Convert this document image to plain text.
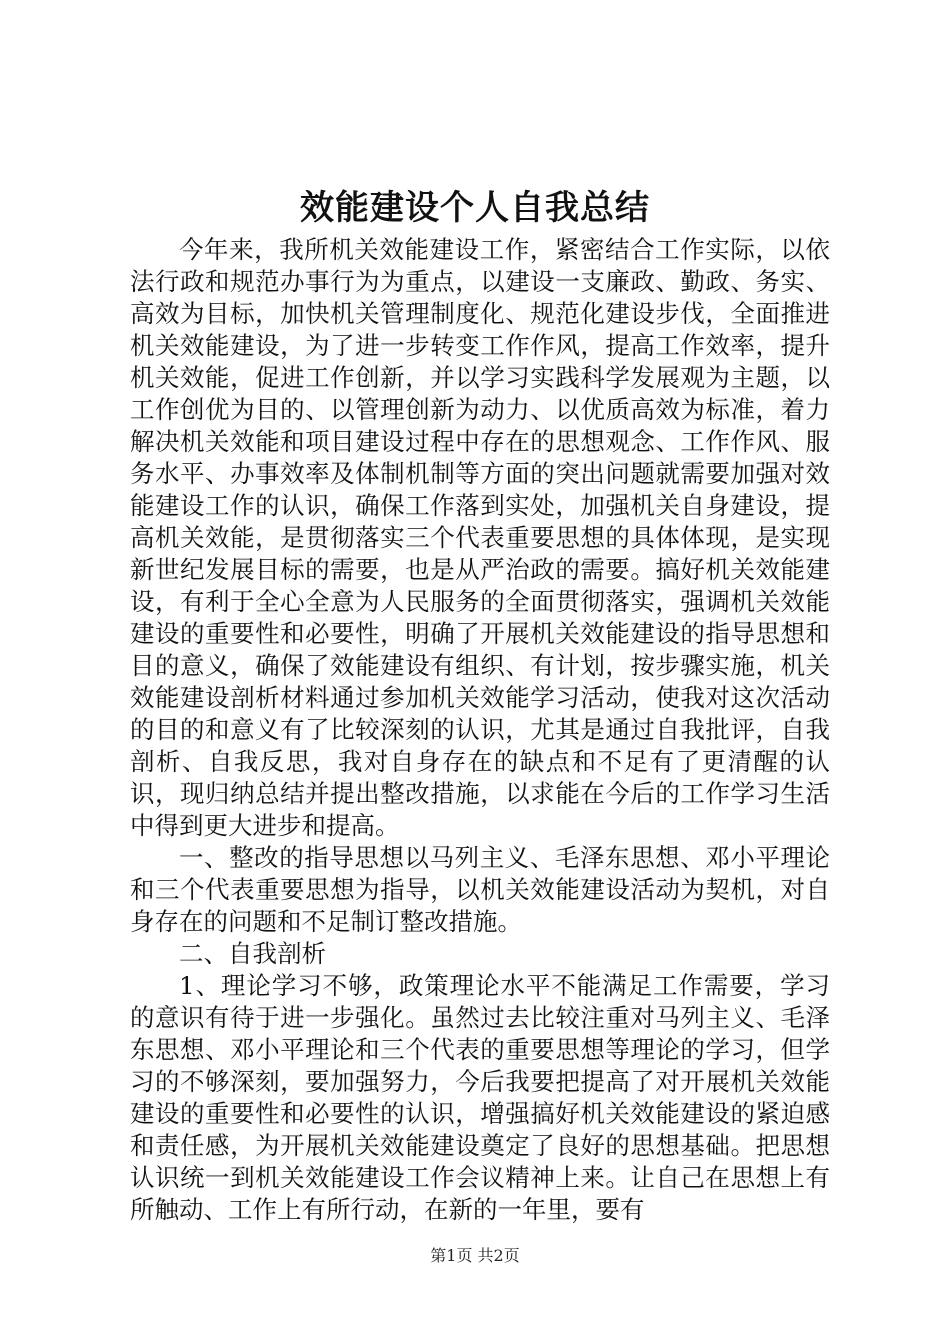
效能建设个人自我总结

今年来，我所机关效能建设工作，紧密结合工作实际，以依法行政和规范办事行为为重点，以建设一支廉政、勤政、务实、高效为目标，加快机关管理制度化、规范化建设步伐，全面推进机关效能建设，为了进一步转变工作作风，提高工作效率，提升机关效能，促进工作创新，并以学习实践科学发展观为主题，以工作创优为目的、以管理创新为动力、以优质高效为标准，着力解决机关效能和项目建设过程中存在的思想观念、工作作风、服务水平、办事效率及体制机制等方面的突出问题就需要加强对效能建设工作的认识，确保工作落到实处，加强机关自身建设，提高机关效能，是贯彻落实三个代表重要思想的具体体现，是实现新世纪发展目标的需要，也是从严治政的需要。搞好机关效能建设，有利于全心全意为人民服务的全面贯彻落实，强调机关效能建设的重要性和必要性，明确了开展机关效能建设的指导思想和目的意义，确保了效能建设有组织、有计划，按步骤实施，机关效能建设剖析材料通过参加机关效能学习活动，使我对这次活动的目的和意义有了比较深刻的认识，尤其是通过自我批评，自我剖析、自我反思，我对自身存在的缺点和不足有了更清醒的认识，现归纳总结并提出整改措施，以求能在今后的工作学习生活中得到更大进步和提高。

一、整改的指导思想以马列主义、毛泽东思想、邓小平理论和三个代表重要思想为指导，以机关效能建设活动为契机，对自身存在的问题和不足制订整改措施。

二、自我剖析

1、理论学习不够，政策理论水平不能满足工作需要，学习的意识有待于进一步强化。虽然过去比较注重对马列主义、毛泽东思想、邓小平理论和三个代表的重要思想等理论的学习，但学习的不够深刻，要加强努力，今后我要把提高了对开展机关效能建设的重要性和必要性的认识，增强搞好机关效能建设的紧迫感和责任感，为开展机关效能建设奠定了良好的思想基础。把思想认识统一到机关效能建设工作会议精神上来。让自己在思想上有所触动、工作上有所行动，在新的一年里，要有

第1页 共2页
